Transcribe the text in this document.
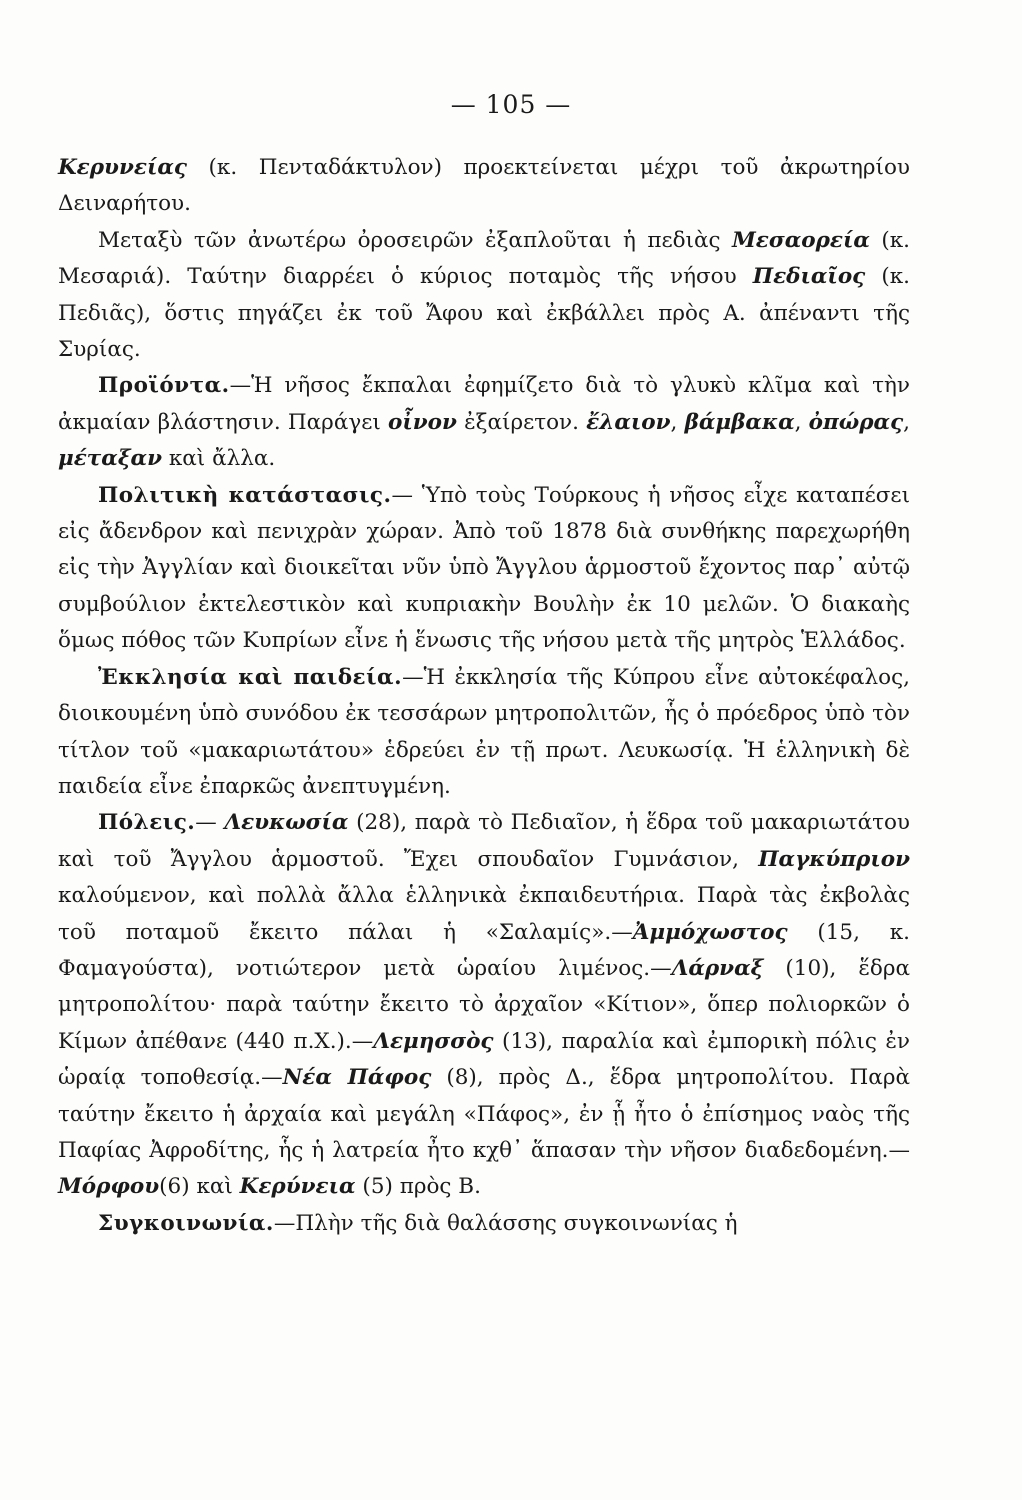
— 105 —

Κερυνείας (κ. Πενταδάκτυλον) προεκτείνεται μέχρι τοῦ ἀκρωτηρίου Δειναρήτου.

Μεταξὺ τῶν ἀνωτέρω ὀροσειρῶν ἐξαπλοῦται ἡ πεδιὰς Μεσαορεία (κ. Μεσαριά). Ταύτην διαρρέει ὁ κύριος ποταμὸς τῆς νήσου Πεδιαῖος (κ. Πεδιᾶς), ὅστις πηγάζει ἐκ τοῦ Ἄφου καὶ ἐκβάλλει πρὸς Α. ἀπέναντι τῆς Συρίας.

Προϊόντα.—Ἡ νῆσος ἔκπαλαι ἐφημίζετο διὰ τὸ γλυκὺ κλῖμα καὶ τὴν ἀκμαίαν βλάστησιν. Παράγει οἶνον ἐξαίρετον. ἔλαιον, βάμβακα, ὀπώρας, μέταξαν καὶ ἄλλα.

Πολιτικὴ κατάστασις.— Ὑπὸ τοὺς Τούρκους ἡ νῆσος εἶχε καταπέσει εἰς ἄδενδρον καὶ πενιχρὰν χώραν. Ἀπὸ τοῦ 1878 διὰ συνθήκης παρεχωρήθη εἰς τὴν Ἀγγλίαν καὶ διοικεῖται νῦν ὑπὸ Ἄγγλου ἁρμοστοῦ ἔχοντος παρ᾽ αὐτῷ συμβούλιον ἐκτελεστικὸν καὶ κυπριακὴν Βουλὴν ἐκ 10 μελῶν. Ὁ διακαὴς ὅμως πόθος τῶν Κυπρίων εἶνε ἡ ἕνωσις τῆς νήσου μετὰ τῆς μητρὸς Ἑλλάδος.

Ἐκκλησία καὶ παιδεία.—Ἡ ἐκκλησία τῆς Κύπρου εἶνε αὐτοκέφαλος, διοικουμένη ὑπὸ συνόδου ἐκ τεσσάρων μητροπολιτῶν, ἧς ὁ πρόεδρος ὑπὸ τὸν τίτλον τοῦ «μακαριωτάτου» ἑδρεύει ἐν τῇ πρωτ. Λευκωσίᾳ. Ἡ ἑλληνικὴ δὲ παιδεία εἶνε ἐπαρκῶς ἀνεπτυγμένη.

Πόλεις.— Λευκωσία (28), παρὰ τὸ Πεδιαῖον, ἡ ἕδρα τοῦ μακαριωτάτου καὶ τοῦ Ἄγγλου ἁρμοστοῦ. Ἔχει σπουδαῖον Γυμνάσιον, Παγκύπριον καλούμενον, καὶ πολλὰ ἄλλα ἑλληνικὰ ἐκπαιδευτήρια. Παρὰ τὰς ἐκβολὰς τοῦ ποταμοῦ ἔκειτο πάλαι ἡ «Σαλαμίς».—Ἀμμόχωστος (15, κ. Φαμαγούστα), νοτιώτερον μετὰ ὡραίου λιμένος.—Λάρναξ (10), ἕδρα μητροπολίτου· παρὰ ταύτην ἔκειτο τὸ ἀρχαῖον «Κίτιον», ὅπερ πολιορκῶν ὁ Κίμων ἀπέθανε (440 π.Χ.).—Λεμησσὸς (13), παραλία καὶ ἐμπορικὴ πόλις ἐν ὡραίᾳ τοποθεσίᾳ.—Νέα Πάφος (8), πρὸς Δ., ἕδρα μητροπολίτου. Παρὰ ταύτην ἔκειτο ἡ ἀρχαία καὶ μεγάλη «Πάφος», ἐν ᾗ ἦτο ὁ ἐπίσημος ναὸς τῆς Παφίας Ἀφροδίτης, ἧς ἡ λατρεία ἦτο κχθ᾽ ἅπασαν τὴν νῆσον διαδεδομένη.—Μόρφου(6) καὶ Κερύνεια (5) πρὸς Β.

Συγκοινωνία.—Πλὴν τῆς διὰ θαλάσσης συγκοινωνίας ἡ
